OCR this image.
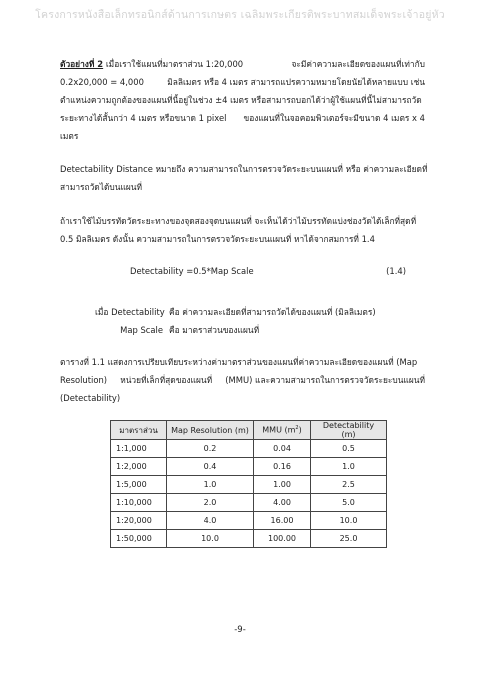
โครงการหนังสือเล็กทรอนิกส์ด้านการเกษตร เฉลิมพระเกียรติพระบาทสมเด็จพระเจ้าอยู่หัว
ตัวอย่างที่ 2 เมื่อเราใช้แผนที่มาตราส่วน 1:20,000	จะมีค่าความละเอียดของแผนที่เท่ากับ
0.2x20,000 = 4,000	มิลลิเมตร หรือ 4 เมตร สามารถแปรความหมายโดยนัยได้หลายแบบ เช่น
ตำแหน่งความถูกต้องของแผนที่นี้อยู่ในช่วง ±4 เมตร หรือสามารถบอกได้ว่าผู้ใช้แผนที่นี้ไม่สามารถวัด
ระยะทางได้สั้นกว่า 4 เมตร หรือขนาด 1 pixel ของแผนที่ในจอคอมพิวเตอร์จะมีขนาด 4 เมตร x 4
เมตร
Detectability Distance หมายถึง ความสามารถในการตรวจวัดระยะบนแผนที่ หรือ ค่าความละเอียดที่
สามารถวัดได้บนแผนที่
ถ้าเราใช้ไม้บรรทัดวัดระยะทางของจุดสองจุดบนแผนที่ จะเห็นได้ว่าไม้บรรทัดแบ่งช่องวัดได้เล็กที่สุดที่
0.5 มิลลิเมตร ดังนั้น ความสามารถในการตรวจวัดระยะบนแผนที่ หาได้จากสมการที่ 1.4
Detectability =0.5*Map Scale	(1.4)
เมื่อ Detectability คือ ค่าความละเอียดที่สามารถวัดได้ของแผนที่ (มิลลิเมตร)
Map Scale คือ มาตราส่วนของแผนที่
ตารางที่ 1.1 แสดงการเปรียบเทียบระหว่างค่ามาตราส่วนของแผนที่ค่าความละเอียดของแผนที่ (Map
Resolution) หน่วยที่เล็กที่สุดของแผนที่ (MMU) และความสามารถในการตรวจวัดระยะบนแผนที่
(Detectability)
มาตราส่วน	Map Resolution (m)	MMU $(m^2)$	Detectability (m)
1:1,000	0.2	0.04	0.5
1:2,000	0.4	0.16	1.0
1:5,000	1.0	1.00	2.5
1:10,000	2.0	4.00	5.0
1:20,000	4.0	16.00	10.0
1:50,000	10.0	100.00	25.0
-9-
